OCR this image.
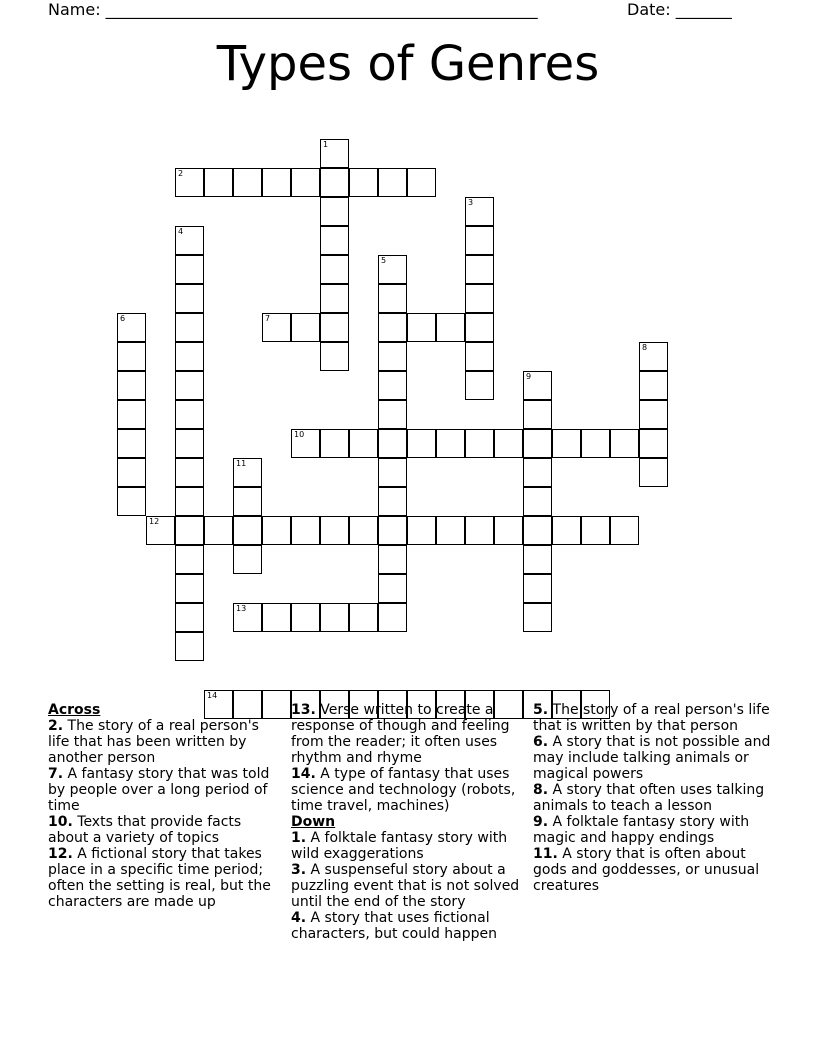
Name: ______________________________________________________	Date: _______
Types of Genres
1
2
3
4
5
6	7
8
9
10
11
12
13
14
Across
2. The story of a real person's life that has been written by another person
7. A fantasy story that was told by people over a long period of time
10. Texts that provide facts about a variety of topics
12. A fictional story that takes place in a specific time period; often the setting is real, but the characters are made up
13. Verse written to create a response of though and feeling from the reader; it often uses rhythm and rhyme
14. A type of fantasy that uses science and technology (robots, time travel, machines)
Down
1. A folktale fantasy story with wild exaggerations
3. A suspenseful story about a puzzling event that is not solved until the end of the story
4. A story that uses fictional characters, but could happen
5. The story of a real person's life that is written by that person
6. A story that is not possible and may include talking animals or magical powers
8. A story that often uses talking animals to teach a lesson
9. A folktale fantasy story with magic and happy endings
11. A story that is often about gods and goddesses, or unusual creatures
